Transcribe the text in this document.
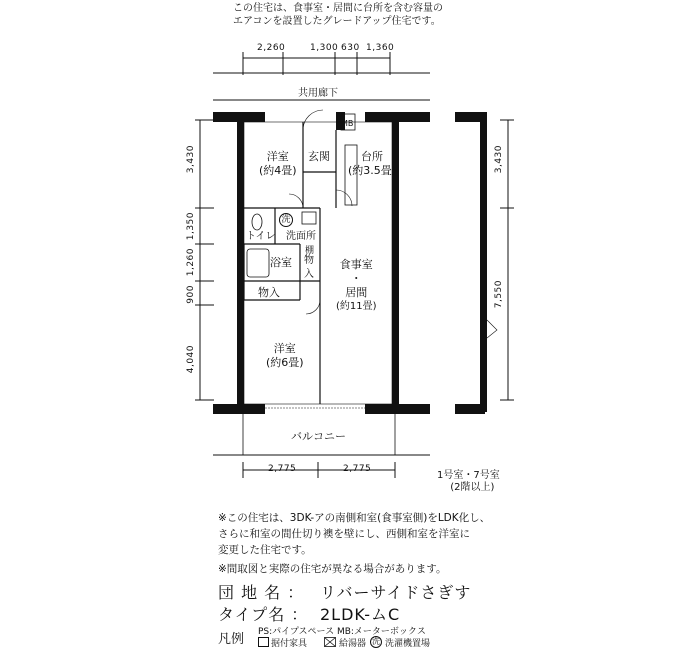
この住宅は、食事室・居間に台所を含む容量の
エアコンを設置したグレードアップ住宅です。
2,260	1,300 630 1,360
共用廊下
MB
3,430
1,350
1,260
900
4,040
3,430
7,550
洋室
(約4畳)
玄関	台所
(約3.5畳)
洗
トイレ 洗面所
棚
浴室 物
入
物入
食事室
・
居間
(約11畳)
洋室
(約6畳)
バルコニー
2,775	2,775
1号室・7号室
(2階以上)
※この住宅は、3DK-アの南側和室(食事室側)をLDK化し、
さらに和室の間仕切り襖を壁にし、西側和室を洋室に
変更した住宅です。
※間取図と実際の住宅が異なる場合があります。
団 地 名 ： リバーサイドさぎす
タイプ名 ： 2LDK-ムC
凡例 PS:パイプスペース MB:メーターボックス
据付家具	給湯器 洗 洗濯機置場
